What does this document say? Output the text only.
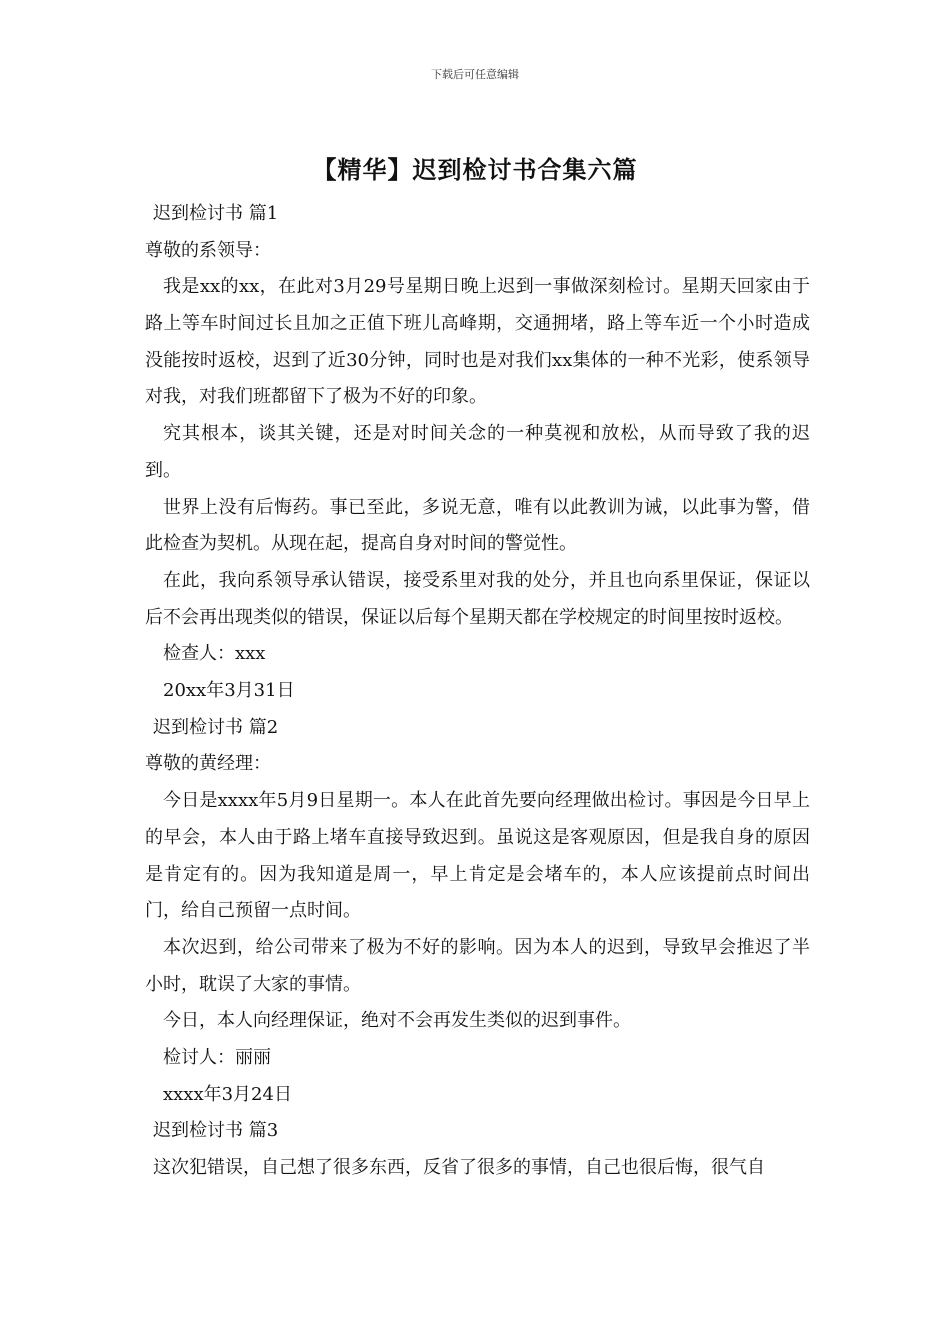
下载后可任意编辑
【精华】迟到检讨书合集六篇
迟到检讨书 篇1
尊敬的系领导：

我是xx的xx，在此对3月29号星期日晚上迟到一事做深刻检讨。星期天回家由于路上等车时间过长且加之正值下班儿高峰期，交通拥堵，路上等车近一个小时造成没能按时返校，迟到了近30分钟，同时也是对我们xx集体的一种不光彩，使系领导对我，对我们班都留下了极为不好的印象。

究其根本，谈其关键，还是对时间关念的一种莫视和放松，从而导致了我的迟到。

世界上没有后悔药。事已至此，多说无意，唯有以此教训为诫，以此事为警，借此检查为契机。从现在起，提高自身对时间的警觉性。

在此，我向系领导承认错误，接受系里对我的处分，并且也向系里保证，保证以后不会再出现类似的错误，保证以后每个星期天都在学校规定的时间里按时返校。

检查人：xxx
20xx年3月31日
迟到检讨书 篇2
尊敬的黄经理：

今日是xxxx年5月9日星期一。本人在此首先要向经理做出检讨。事因是今日早上的早会，本人由于路上堵车直接导致迟到。虽说这是客观原因，但是我自身的原因是肯定有的。因为我知道是周一，早上肯定是会堵车的，本人应该提前点时间出门，给自己预留一点时间。

本次迟到，给公司带来了极为不好的影响。因为本人的迟到，导致早会推迟了半小时，耽误了大家的事情。

今日，本人向经理保证，绝对不会再发生类似的迟到事件。

检讨人：丽丽
xxxx年3月24日
迟到检讨书 篇3
这次犯错误，自己想了很多东西，反省了很多的事情，自己也很后悔，很气自
